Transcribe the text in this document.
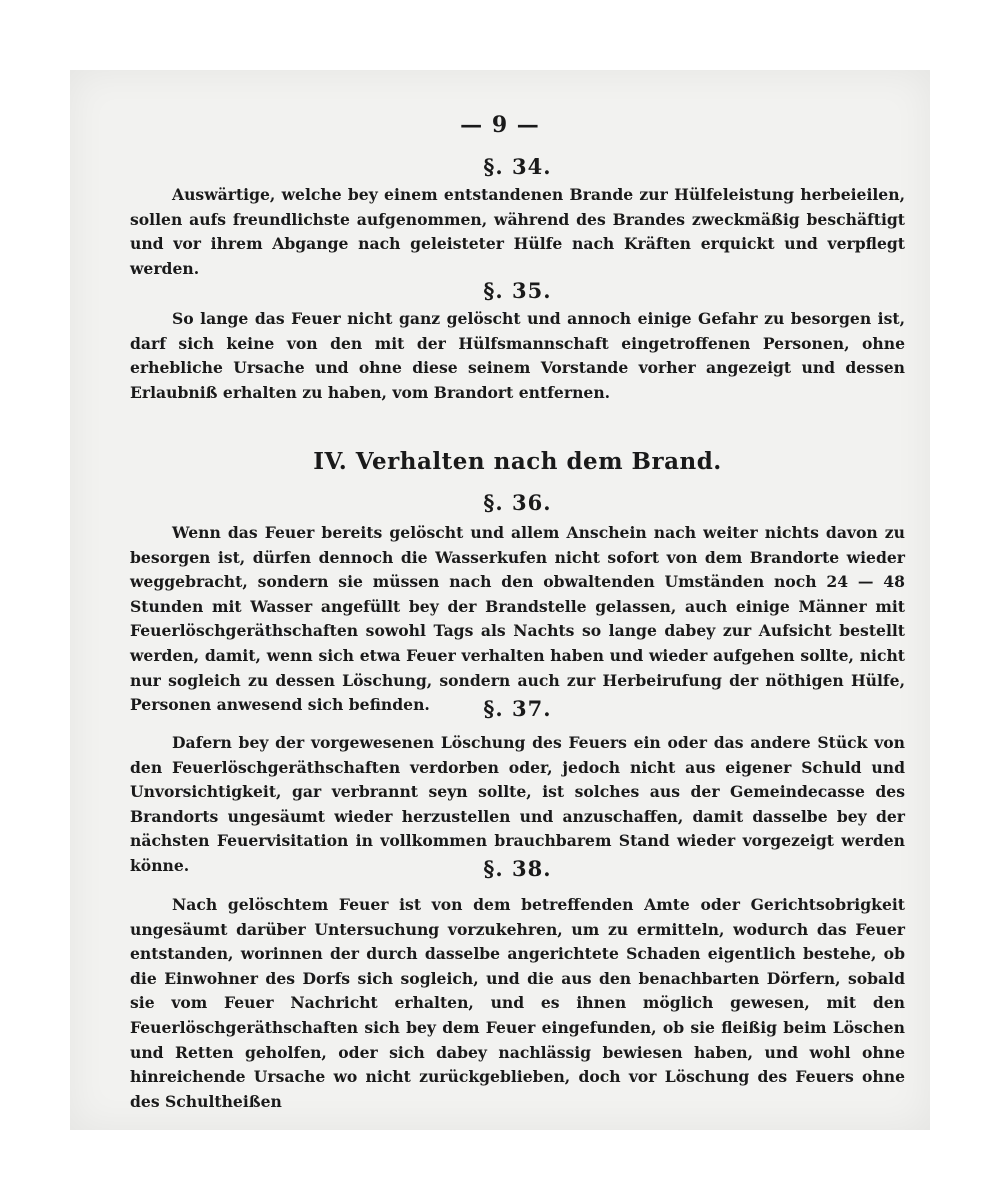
— 9 —

§. 34.

Auswärtige, welche bey einem entstandenen Brande zur Hülfeleistung herbeieilen, sollen aufs freundlichste aufgenommen, während des Brandes zweckmäßig beschäftigt und vor ihrem Abgange nach geleisteter Hülfe nach Kräften erquickt und verpflegt werden.

§. 35.

So lange das Feuer nicht ganz gelöscht und annoch einige Gefahr zu besorgen ist, darf sich keine von den mit der Hülfsmannschaft eingetroffenen Personen, ohne erhebliche Ursache und ohne diese seinem Vorstande vorher angezeigt und dessen Erlaubniß erhalten zu haben, vom Brandort entfernen.

IV. Verhalten nach dem Brand.

§. 36.

Wenn das Feuer bereits gelöscht und allem Anschein nach weiter nichts davon zu besorgen ist, dürfen dennoch die Wasserkufen nicht sofort von dem Brandorte wieder weggebracht, sondern sie müssen nach den obwaltenden Umständen noch 24 — 48 Stunden mit Wasser angefüllt bey der Brandstelle gelassen, auch einige Männer mit Feuerlöschgeräthschaften sowohl Tags als Nachts so lange dabey zur Aufsicht bestellt werden, damit, wenn sich etwa Feuer verhalten haben und wieder aufgehen sollte, nicht nur sogleich zu dessen Löschung, sondern auch zur Herbeirufung der nöthigen Hülfe, Personen anwesend sich befinden.	§. 37.

Dafern bey der vorgewesenen Löschung des Feuers ein oder das andere Stück von den Feuerlöschgeräthschaften verdorben oder, jedoch nicht aus eigener Schuld und Unvorsichtigkeit, gar verbrannt seyn sollte, ist solches aus der Gemeindecasse des Brandorts ungesäumt wieder herzustellen und anzuschaffen, damit dasselbe bey der nächsten Feuervisitation in vollkommen brauchbarem Stand wieder vorgezeigt werden könne.	§. 38.

Nach gelöschtem Feuer ist von dem betreffenden Amte oder Gerichtsobrigkeit ungesäumt darüber Untersuchung vorzukehren, um zu ermitteln, wodurch das Feuer entstanden, worinnen der durch dasselbe angerichtete Schaden eigentlich bestehe, ob die Einwohner des Dorfs sich sogleich, und die aus den benachbarten Dörfern, sobald sie vom Feuer Nachricht erhalten, und es ihnen möglich gewesen, mit den Feuerlöschgeräthschaften sich bey dem Feuer eingefunden, ob sie fleißig beim Löschen und Retten geholfen, oder sich dabey nachlässig bewiesen haben, und wohl ohne hinreichende Ursache wo nicht zurückgeblieben, doch vor Löschung des Feuers ohne des Schultheißen
